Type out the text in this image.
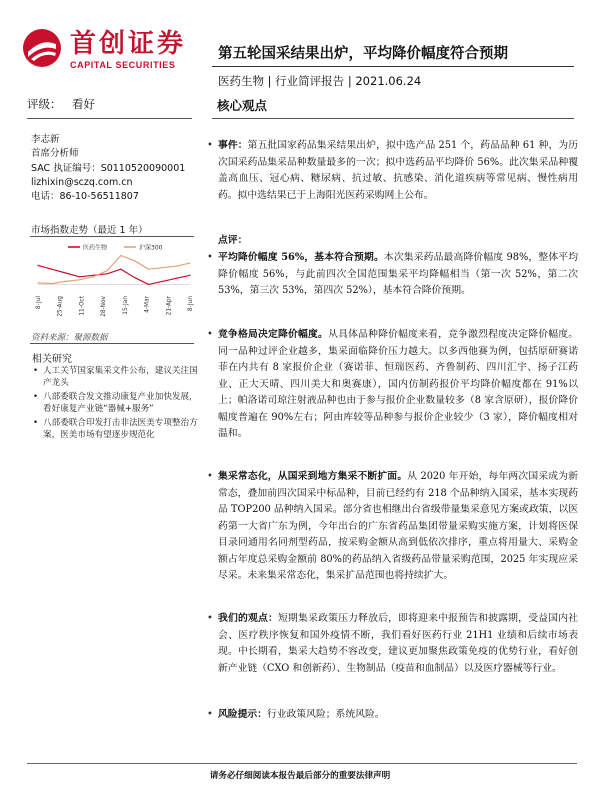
首创证券
CAPITAL SECURITIES
第五轮国采结果出炉，平均降价幅度符合预期
医药生物 | 行业简评报告 | 2021.06.24
评级： 看好	核心观点
李志新
首席分析师
SAC 执证编号：S0110520090001
lizhixin@sczq.com.cn
电话：86-10-56511807
市场指数走势（最近 1 年）
医药生物	沪深300
8-Jul	25-Aug	11-Oct	28-Nov	15-Jan	4-Mar	21-Apr	8-Jun
资料来源：聚源数据
相关研究
• 人工关节国家集采文件公布，建议关注国产龙头
• 八部委联合发文推动康复产业加快发展，看好康复产业链“器械+服务”
• 八部委联合印发打击非法医美专项整治方案，医美市场有望逐步规范化
• 事件：第五批国家药品集采结果出炉，拟中选产品 251 个，药品品种 61 种，为历次国采药品集采品种数量最多的一次；拟中选药品平均降价 56%。此次集采品种覆盖高血压、冠心病、糖尿病、抗过敏、抗感染、消化道疾病等常见病、慢性病用药。拟中选结果已于上海阳光医药采购网上公布。
点评：
• 平均降价幅度 56%，基本符合预期。本次集采药品最高降价幅度 98%，整体平均降价幅度 56%，与此前四次全国范围集采平均降幅相当（第一次 52%，第二次 53%，第三次 53%，第四次 52%），基本符合降价预期。
• 竞争格局决定降价幅度。从具体品种降价幅度来看，竞争激烈程度决定降价幅度。同一品种过评企业越多，集采面临降价压力越大。以多西他赛为例，包括原研赛诺菲在内共有 8 家报价企业（赛诺菲、恒瑞医药、齐鲁制药、四川汇宇、扬子江药业、正大天晴、四川美大和奥赛康），国内仿制药报价平均降价幅度都在 91%以上；帕洛诺司琼注射液品种也由于参与报价企业数量较多（8 家含原研），报价降价幅度普遍在 90%左右；阿由库较等品种参与报价企业较少（3 家），降价幅度相对温和。
• 集采常态化，从国采到地方集采不断扩面。从 2020 年开始，每年两次国采成为新常态，叠加前四次国采中标品种，目前已经约有 218 个品种纳入国采，基本实现药品 TOP200 品种纳入国采。部分省也相继出台省级带量集采意见方案或政策，以医药第一大省广东为例，今年出台的广东省药品集团带量采购实施方案，计划将医保目录同通用名同剂型药品，按采购金额从高到低依次排序，重点将用量大、采购金额占年度总采购金额前 80%的药品纳入省级药品带量采购范围，2025 年实现应采尽采。未来集采常态化，集采扩品范围也将持续扩大。
• 我们的观点：短期集采政策压力释放后，即将迎来中报预告和披露期，受益国内社会、医疗秩序恢复和国外疫情不断，我们看好医药行业 21H1 业绩和后续市场表现。中长期看，集采大趋势不容改变，建议更加聚焦政策免疫的优势行业，看好创新产业链（CXO 和创新药）、生物制品（疫苗和血制品）以及医疗器械等行业。
• 风险提示：行业政策风险；系统风险。
请务必仔细阅读本报告最后部分的重要法律声明
